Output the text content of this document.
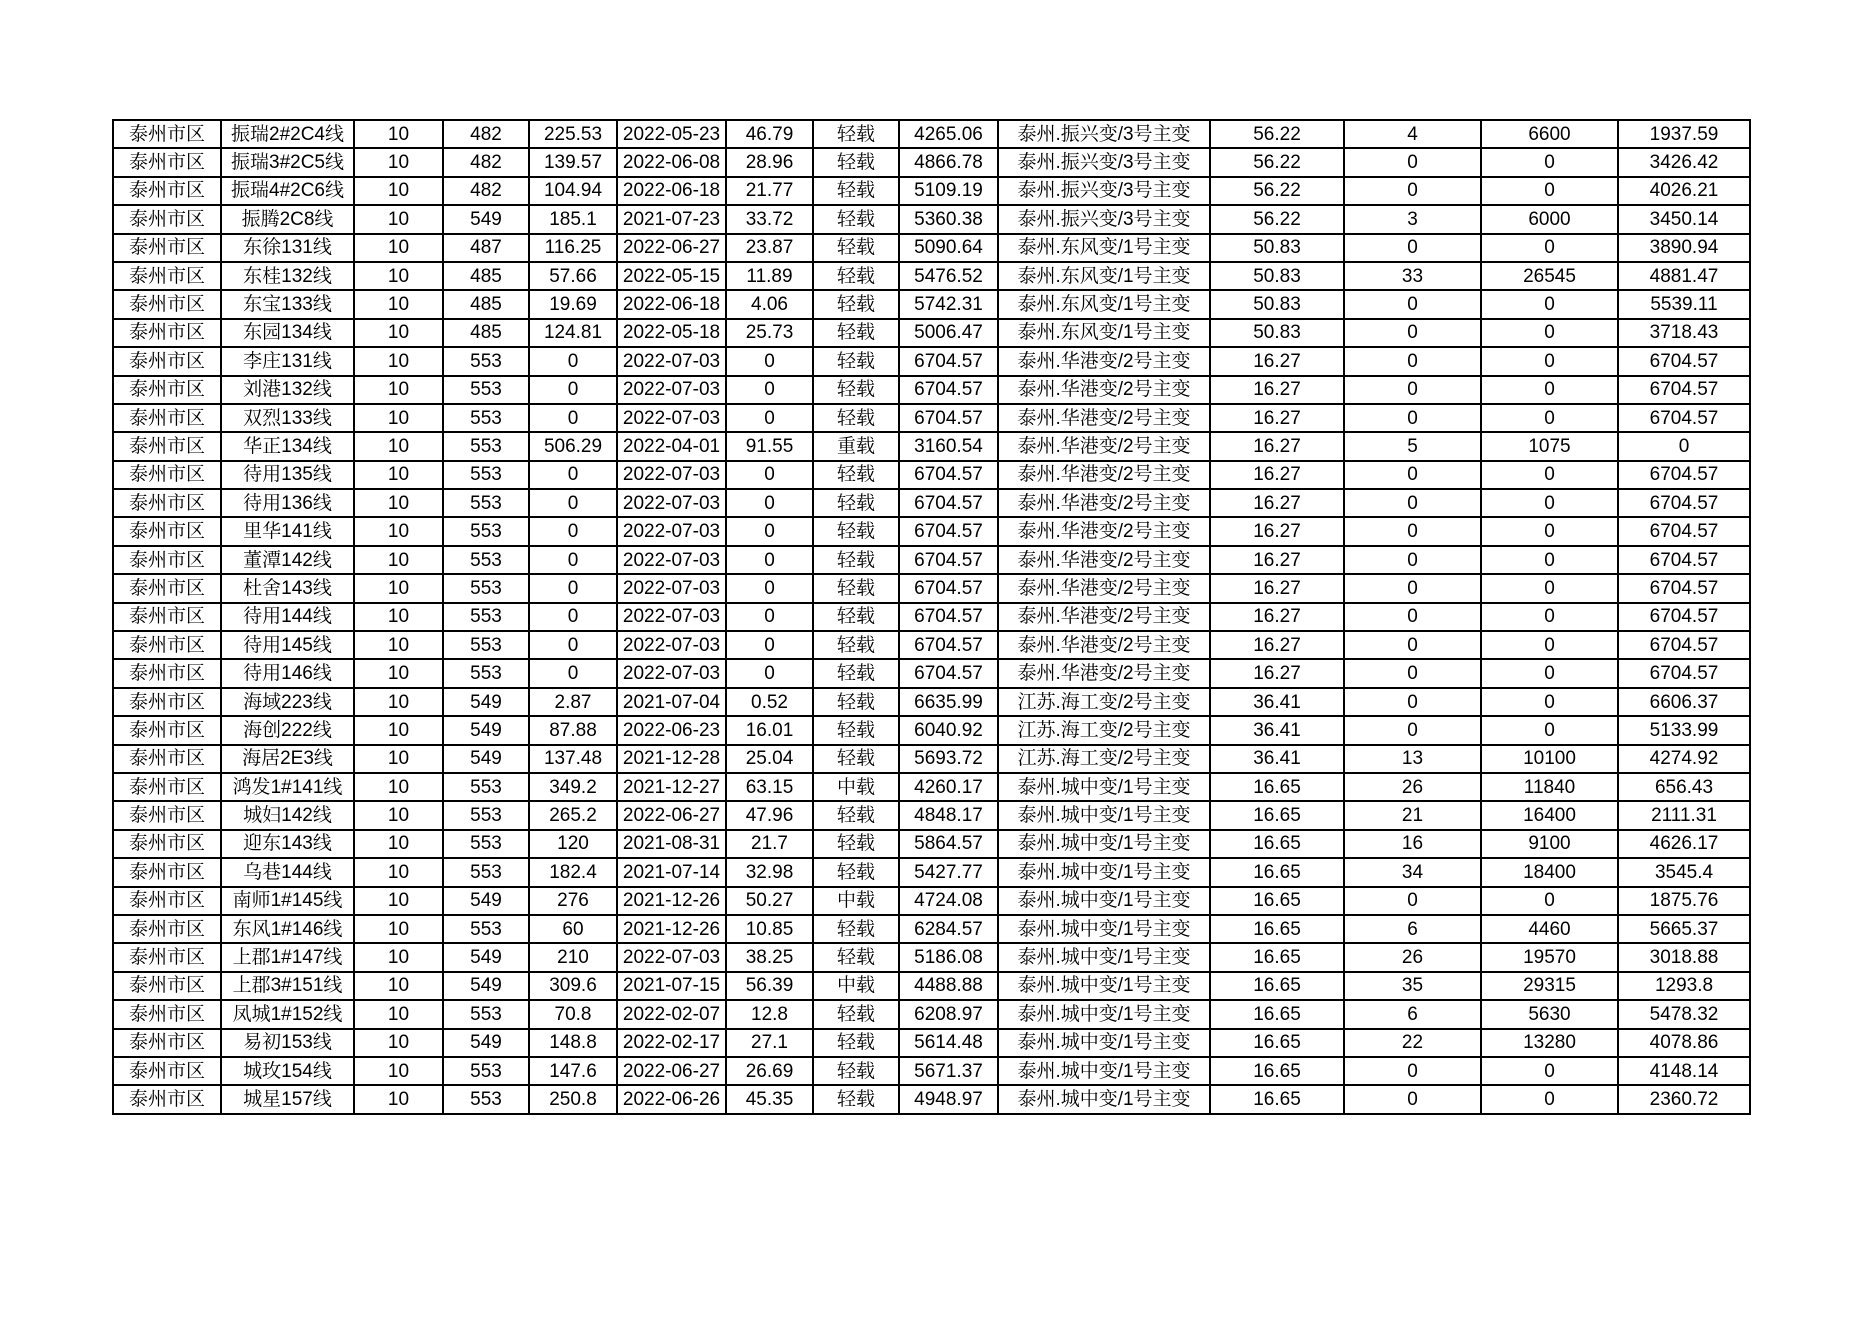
泰州市区	振瑞2#2C4线	10	482	225.53	2022-05-23	46.79	轻载	4265.06	泰州.振兴变/3号主变	56.22	4	6600	1937.59
泰州市区	振瑞3#2C5线	10	482	139.57	2022-06-08	28.96	轻载	4866.78	泰州.振兴变/3号主变	56.22	0	0	3426.42
泰州市区	振瑞4#2C6线	10	482	104.94	2022-06-18	21.77	轻载	5109.19	泰州.振兴变/3号主变	56.22	0	0	4026.21
泰州市区	振腾2C8线	10	549	185.1	2021-07-23	33.72	轻载	5360.38	泰州.振兴变/3号主变	56.22	3	6000	3450.14
泰州市区	东徐131线	10	487	116.25	2022-06-27	23.87	轻载	5090.64	泰州.东风变/1号主变	50.83	0	0	3890.94
泰州市区	东桂132线	10	485	57.66	2022-05-15	11.89	轻载	5476.52	泰州.东风变/1号主变	50.83	33	26545	4881.47
泰州市区	东宝133线	10	485	19.69	2022-06-18	4.06	轻载	5742.31	泰州.东风变/1号主变	50.83	0	0	5539.11
泰州市区	东园134线	10	485	124.81	2022-05-18	25.73	轻载	5006.47	泰州.东风变/1号主变	50.83	0	0	3718.43
泰州市区	李庄131线	10	553	0	2022-07-03	0	轻载	6704.57	泰州.华港变/2号主变	16.27	0	0	6704.57
泰州市区	刘港132线	10	553	0	2022-07-03	0	轻载	6704.57	泰州.华港变/2号主变	16.27	0	0	6704.57
泰州市区	双烈133线	10	553	0	2022-07-03	0	轻载	6704.57	泰州.华港变/2号主变	16.27	0	0	6704.57
泰州市区	华正134线	10	553	506.29	2022-04-01	91.55	重载	3160.54	泰州.华港变/2号主变	16.27	5	1075	0
泰州市区	待用135线	10	553	0	2022-07-03	0	轻载	6704.57	泰州.华港变/2号主变	16.27	0	0	6704.57
泰州市区	待用136线	10	553	0	2022-07-03	0	轻载	6704.57	泰州.华港变/2号主变	16.27	0	0	6704.57
泰州市区	里华141线	10	553	0	2022-07-03	0	轻载	6704.57	泰州.华港变/2号主变	16.27	0	0	6704.57
泰州市区	董潭142线	10	553	0	2022-07-03	0	轻载	6704.57	泰州.华港变/2号主变	16.27	0	0	6704.57
泰州市区	杜舍143线	10	553	0	2022-07-03	0	轻载	6704.57	泰州.华港变/2号主变	16.27	0	0	6704.57
泰州市区	待用144线	10	553	0	2022-07-03	0	轻载	6704.57	泰州.华港变/2号主变	16.27	0	0	6704.57
泰州市区	待用145线	10	553	0	2022-07-03	0	轻载	6704.57	泰州.华港变/2号主变	16.27	0	0	6704.57
泰州市区	待用146线	10	553	0	2022-07-03	0	轻载	6704.57	泰州.华港变/2号主变	16.27	0	0	6704.57
泰州市区	海域223线	10	549	2.87	2021-07-04	0.52	轻载	6635.99	江苏.海工变/2号主变	36.41	0	0	6606.37
泰州市区	海创222线	10	549	87.88	2022-06-23	16.01	轻载	6040.92	江苏.海工变/2号主变	36.41	0	0	5133.99
泰州市区	海居2E3线	10	549	137.48	2021-12-28	25.04	轻载	5693.72	江苏.海工变/2号主变	36.41	13	10100	4274.92
泰州市区	鸿发1#141线	10	553	349.2	2021-12-27	63.15	中载	4260.17	泰州.城中变/1号主变	16.65	26	11840	656.43
泰州市区	城妇142线	10	553	265.2	2022-06-27	47.96	轻载	4848.17	泰州.城中变/1号主变	16.65	21	16400	2111.31
泰州市区	迎东143线	10	553	120	2021-08-31	21.7	轻载	5864.57	泰州.城中变/1号主变	16.65	16	9100	4626.17
泰州市区	乌巷144线	10	553	182.4	2021-07-14	32.98	轻载	5427.77	泰州.城中变/1号主变	16.65	34	18400	3545.4
泰州市区	南师1#145线	10	549	276	2021-12-26	50.27	中载	4724.08	泰州.城中变/1号主变	16.65	0	0	1875.76
泰州市区	东风1#146线	10	553	60	2021-12-26	10.85	轻载	6284.57	泰州.城中变/1号主变	16.65	6	4460	5665.37
泰州市区	上郡1#147线	10	549	210	2022-07-03	38.25	轻载	5186.08	泰州.城中变/1号主变	16.65	26	19570	3018.88
泰州市区	上郡3#151线	10	549	309.6	2021-07-15	56.39	中载	4488.88	泰州.城中变/1号主变	16.65	35	29315	1293.8
泰州市区	凤城1#152线	10	553	70.8	2022-02-07	12.8	轻载	6208.97	泰州.城中变/1号主变	16.65	6	5630	5478.32
泰州市区	易初153线	10	549	148.8	2022-02-17	27.1	轻载	5614.48	泰州.城中变/1号主变	16.65	22	13280	4078.86
泰州市区	城玫154线	10	553	147.6	2022-06-27	26.69	轻载	5671.37	泰州.城中变/1号主变	16.65	0	0	4148.14
泰州市区	城星157线	10	553	250.8	2022-06-26	45.35	轻载	4948.97	泰州.城中变/1号主变	16.65	0	0	2360.72
